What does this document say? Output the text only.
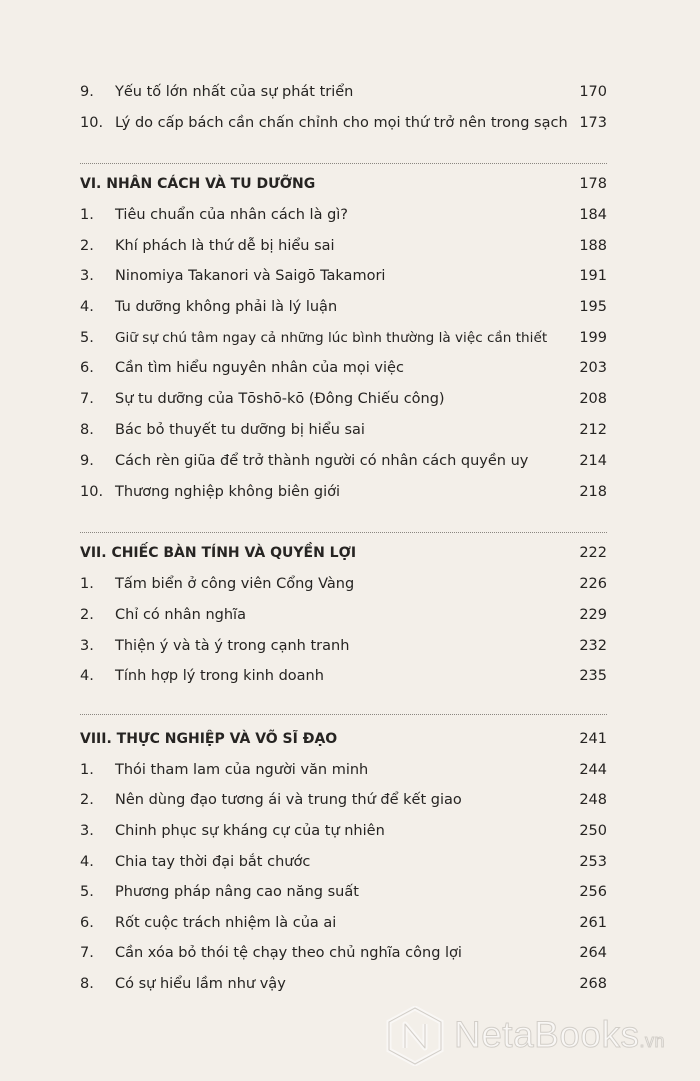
9. Yếu tố lớn nhất của sự phát triển	170
10. Lý do cấp bách cần chấn chỉnh cho mọi thứ trở nên trong sạch 173
VI. NHÂN CÁCH VÀ TU DƯỠNG	178
1. Tiêu chuẩn của nhân cách là gì?	184
2. Khí phách là thứ dễ bị hiểu sai	188
3. Ninomiya Takanori và Saigō Takamori	191
4. Tu dưỡng không phải là lý luận	195
5. Giữ sự chú tâm ngay cả những lúc bình thường là việc cần thiết 199
6. Cần tìm hiểu nguyên nhân của mọi việc	203
7. Sự tu dưỡng của Tōshō-kō (Đông Chiếu công)	208
8. Bác bỏ thuyết tu dưỡng bị hiểu sai	212
9. Cách rèn giũa để trở thành người có nhân cách quyền uy	214
10. Thương nghiệp không biên giới	218
VII. CHIẾC BÀN TÍNH VÀ QUYỀN LỢI	222
1. Tấm biển ở công viên Cổng Vàng	226
2. Chỉ có nhân nghĩa	229
3. Thiện ý và tà ý trong cạnh tranh	232
4. Tính hợp lý trong kinh doanh	235
VIII. THỰC NGHIỆP VÀ VÕ SĨ ĐẠO	241
1. Thói tham lam của người văn minh	244
2. Nên dùng đạo tương ái và trung thứ để kết giao	248
3. Chinh phục sự kháng cự của tự nhiên	250
4. Chia tay thời đại bắt chước	253
5. Phương pháp nâng cao năng suất	256
6. Rốt cuộc trách nhiệm là của ai	261
7. Cần xóa bỏ thói tệ chạy theo chủ nghĩa công lợi	264
8. Có sự hiểu lầm như vậy	268
NetaBooks.vn
